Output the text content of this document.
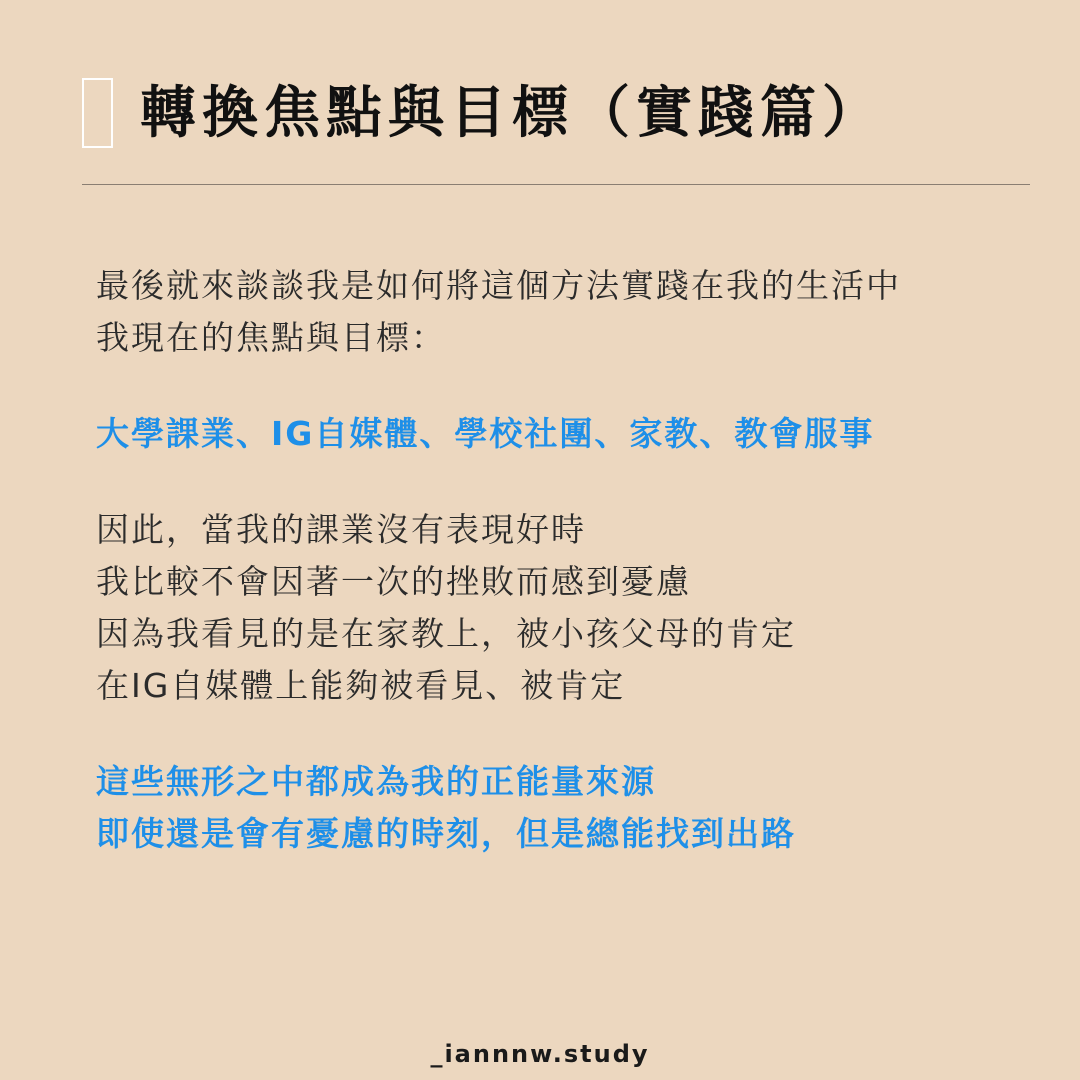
轉換焦點與目標（實踐篇）
最後就來談談我是如何將這個方法實踐在我的生活中
我現在的焦點與目標：
大學課業、IG自媒體、學校社團、家教、教會服事
因此，當我的課業沒有表現好時
我比較不會因著一次的挫敗而感到憂慮
因為我看見的是在家教上，被小孩父母的肯定
在IG自媒體上能夠被看見、被肯定
這些無形之中都成為我的正能量來源
即使還是會有憂慮的時刻，但是總能找到出路
_iannnw.study
